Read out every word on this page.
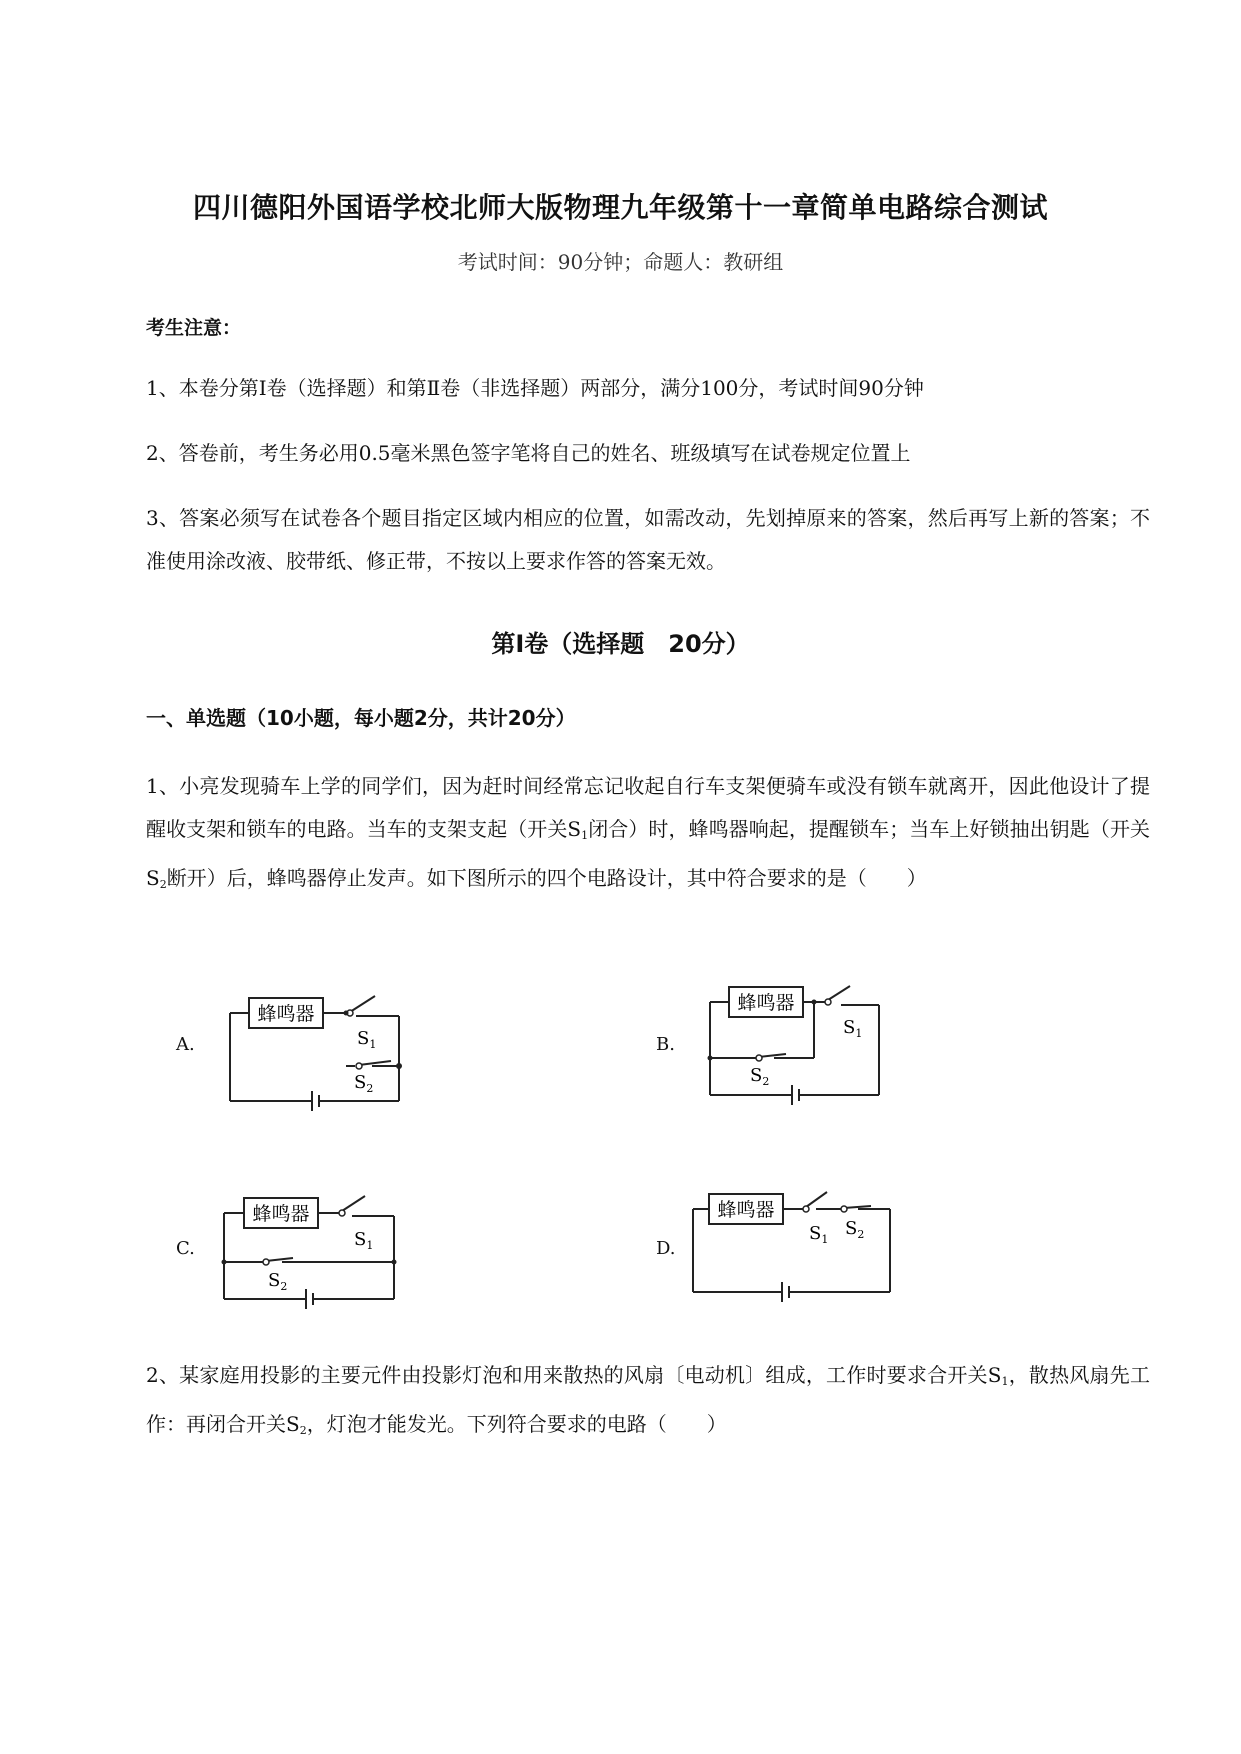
四川德阳外国语学校北师大版物理九年级第十一章简单电路综合测试
考试时间：90分钟；命题人：教研组
考生注意：
1、本卷分第I卷（选择题）和第Ⅱ卷（非选择题）两部分，满分100分，考试时间90分钟
2、答卷前，考生务必用0.5毫米黑色签字笔将自己的姓名、班级填写在试卷规定位置上
3、答案必须写在试卷各个题目指定区域内相应的位置，如需改动，先划掉原来的答案，然后再写上新的答案；不准使用涂改液、胶带纸、修正带，不按以上要求作答的答案无效。
第I卷（选择题　20分）
一、单选题（10小题，每小题2分，共计20分）
1、小亮发现骑车上学的同学们，因为赶时间经常忘记收起自行车支架便骑车或没有锁车就离开，因此他设计了提醒收支架和锁车的电路。当车的支架支起（开关$S_1$闭合）时，蜂鸣器响起，提醒锁车；当车上好锁抽出钥匙（开关$S_2$断开）后，蜂鸣器停止发声。如下图所示的四个电路设计，其中符合要求的是（　　）
A.	B.
C.	D.
蜂鸣器
$S_1$
$S_2$
蜂鸣器
$S_1$
$S_2$
蜂鸣器
$S_1$
$S_2$
蜂鸣器
$S_1$
$S_2$
2、某家庭用投影的主要元件由投影灯泡和用来散热的风扇〔电动机〕组成，工作时要求合开关$S_1$，散热风扇先工作：再闭合开关$S_2$，灯泡才能发光。下列符合要求的电路（　　）
